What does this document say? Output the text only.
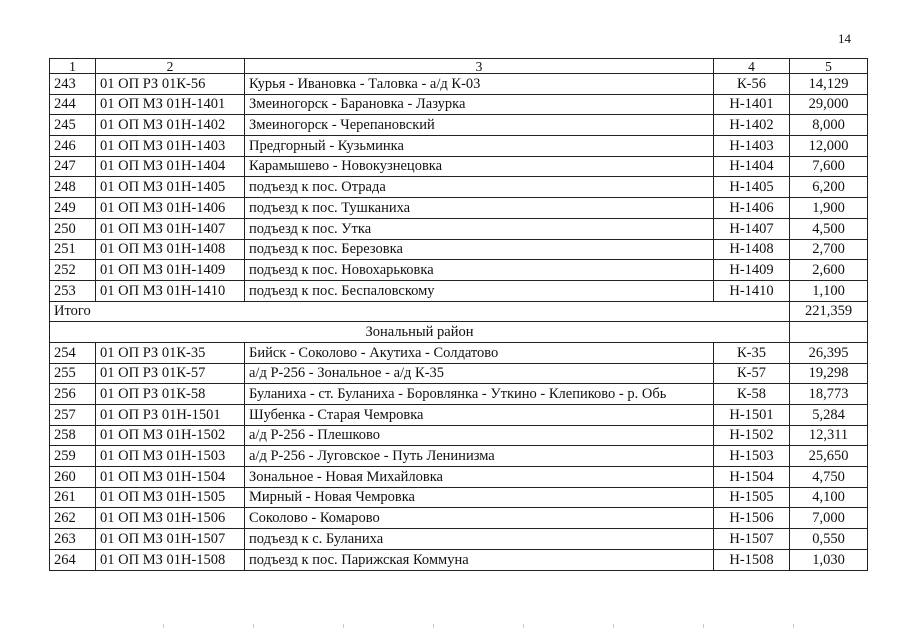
14
1	2	3	4	5
243	01 ОП РЗ 01К-56	Курья - Ивановка - Таловка - а/д К-03	К-56	14,129
244	01 ОП МЗ 01Н-1401	Змеиногорск - Барановка - Лазурка	Н-1401	29,000
245	01 ОП МЗ 01Н-1402	Змеиногорск - Черепановский	Н-1402	8,000
246	01 ОП МЗ 01Н-1403	Предгорный - Кузьминка	Н-1403	12,000
247	01 ОП МЗ 01Н-1404	Карамышево - Новокузнецовка	Н-1404	7,600
248	01 ОП МЗ 01Н-1405	подъезд к пос. Отрада	Н-1405	6,200
249	01 ОП МЗ 01Н-1406	подъезд к пос. Тушканиха	Н-1406	1,900
250	01 ОП МЗ 01Н-1407	подъезд к пос. Утка	Н-1407	4,500
251	01 ОП МЗ 01Н-1408	подъезд к пос. Березовка	Н-1408	2,700
252	01 ОП МЗ 01Н-1409	подъезд к пос. Новохарьковка	Н-1409	2,600
253	01 ОП МЗ 01Н-1410	подъезд к пос. Беспаловскому	Н-1410	1,100
Итого				221,359
Зональный район				
254	01 ОП РЗ 01К-35	Бийск - Соколово - Акутиха - Солдатово	К-35	26,395
255	01 ОП РЗ 01К-57	а/д Р-256 - Зональное - а/д К-35	К-57	19,298
256	01 ОП РЗ 01К-58	Буланиха - ст. Буланиха - Боровлянка - Уткино - Клепиково - р. Обь	К-58	18,773
257	01 ОП РЗ 01Н-1501	Шубенка - Старая Чемровка	Н-1501	5,284
258	01 ОП МЗ 01Н-1502	а/д Р-256 - Плешково	Н-1502	12,311
259	01 ОП МЗ 01Н-1503	а/д Р-256 - Луговское - Путь Ленинизма	Н-1503	25,650
260	01 ОП МЗ 01Н-1504	Зональное - Новая Михайловка	Н-1504	4,750
261	01 ОП МЗ 01Н-1505	Мирный - Новая Чемровка	Н-1505	4,100
262	01 ОП МЗ 01Н-1506	Соколово - Комарово	Н-1506	7,000
263	01 ОП МЗ 01Н-1507	подъезд к с. Буланиха	Н-1507	0,550
264	01 ОП МЗ 01Н-1508	подъезд к пос. Парижская Коммуна	Н-1508	1,030
